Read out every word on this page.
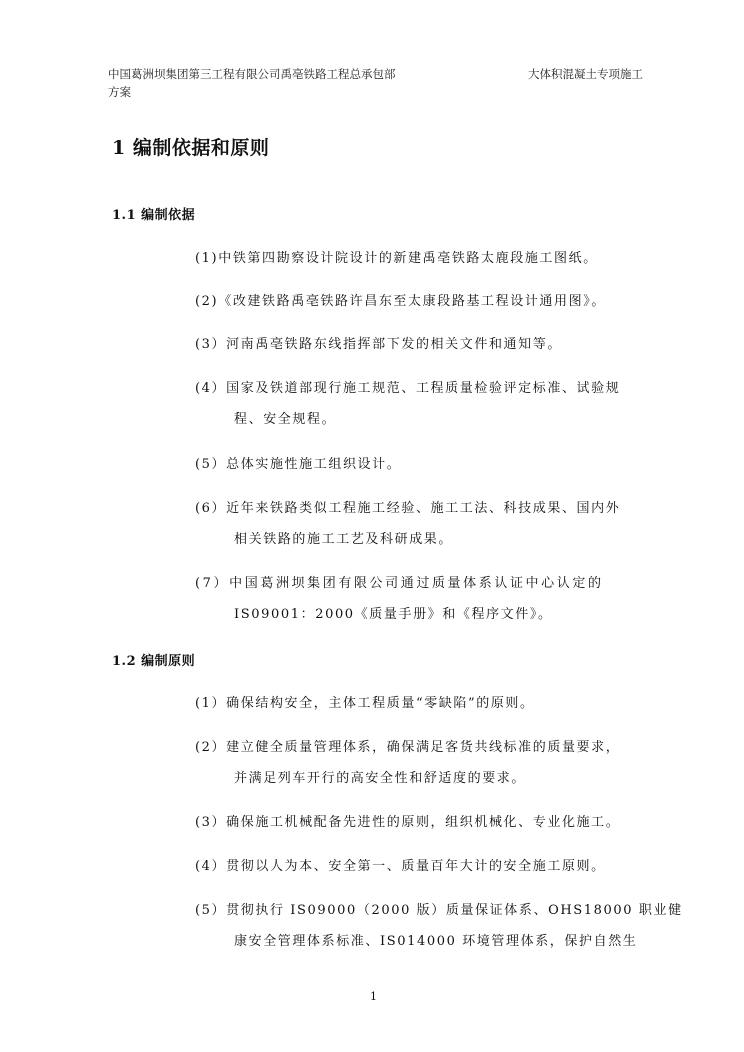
中国葛洲坝集团第三工程有限公司禹亳铁路工程总承包部	大体积混凝土专项施工
方案
1 编制依据和原则
1.1 编制依据
(1)中铁第四勘察设计院设计的新建禹亳铁路太鹿段施工图纸。
(2)《改建铁路禹亳铁路许昌东至太康段路基工程设计通用图》。
(3）河南禹亳铁路东线指挥部下发的相关文件和通知等。
(4）国家及铁道部现行施工规范、工程质量检验评定标准、试验规
程、安全规程。
(5）总体实施性施工组织设计。
(6）近年来铁路类似工程施工经验、施工工法、科技成果、国内外
相关铁路的施工工艺及科研成果。
(7）中国葛洲坝集团有限公司通过质量体系认证中心认定的
IS09001：2000《质量手册》和《程序文件》。
1.2 编制原则
(1）确保结构安全，主体工程质量“零缺陷”的原则。
(2）建立健全质量管理体系，确保满足客货共线标准的质量要求，
并满足列车开行的高安全性和舒适度的要求。
(3）确保施工机械配备先进性的原则，组织机械化、专业化施工。
(4）贯彻以人为本、安全第一、质量百年大计的安全施工原则。
(5）贯彻执行 IS09000（2000 版）质量保证体系、OHS18000 职业健
康安全管理体系标准、IS014000 环境管理体系，保护自然生
1
